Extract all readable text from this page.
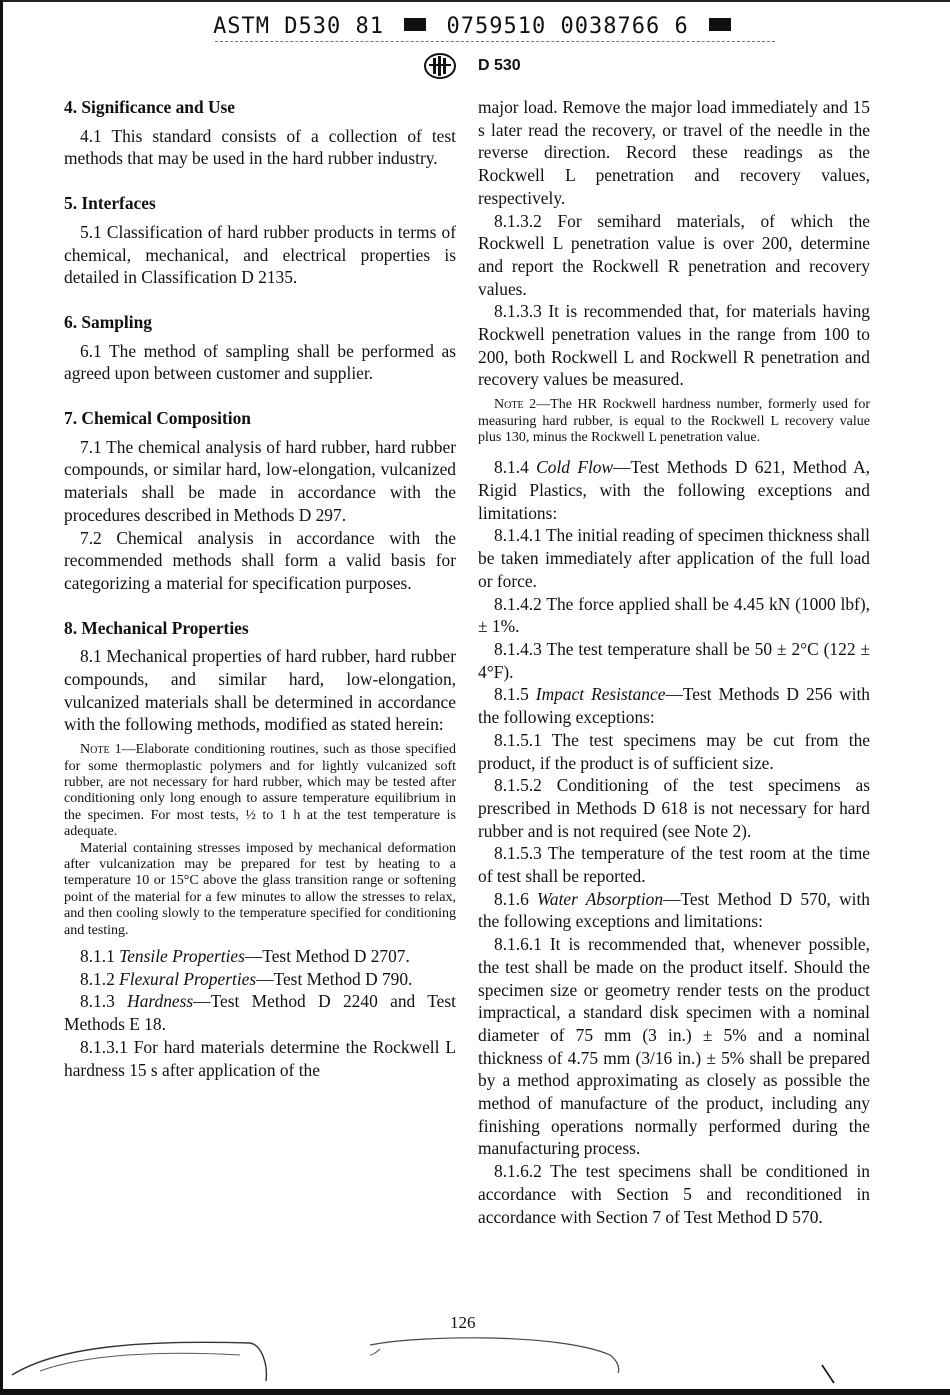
ASTM D530 81	0759510 0038766 6
D 530
4. Significance and Use

4.1 This standard consists of a collection of test methods that may be used in the hard rubber industry.

5. Interfaces

5.1 Classification of hard rubber products in terms of chemical, mechanical, and electrical properties is detailed in Classification D 2135.

6. Sampling

6.1 The method of sampling shall be performed as agreed upon between customer and supplier.

7. Chemical Composition

7.1 The chemical analysis of hard rubber, hard rubber compounds, or similar hard, low-elongation, vulcanized materials shall be made in accordance with the procedures described in Methods D 297.

7.2 Chemical analysis in accordance with the recommended methods shall form a valid basis for categorizing a material for specification purposes.

8. Mechanical Properties

8.1 Mechanical properties of hard rubber, hard rubber compounds, and similar hard, low-elongation, vulcanized materials shall be determined in accordance with the following methods, modified as stated herein:

Note 1—Elaborate conditioning routines, such as those specified for some thermoplastic polymers and for lightly vulcanized soft rubber, are not necessary for hard rubber, which may be tested after conditioning only long enough to assure temperature equilibrium in the specimen. For most tests, ½ to 1 h at the test temperature is adequate.

Material containing stresses imposed by mechanical deformation after vulcanization may be prepared for test by heating to a temperature 10 or 15°C above the glass transition range or softening point of the material for a few minutes to allow the stresses to relax, and then cooling slowly to the temperature specified for conditioning and testing.

8.1.1 Tensile Properties—Test Method D 2707.

8.1.2 Flexural Properties—Test Method D 790.

8.1.3 Hardness—Test Method D 2240 and Test Methods E 18.

8.1.3.1 For hard materials determine the Rockwell L hardness 15 s after application of the

major load. Remove the major load immediately and 15 s later read the recovery, or travel of the needle in the reverse direction. Record these readings as the Rockwell L penetration and recovery values, respectively.

8.1.3.2 For semihard materials, of which the Rockwell L penetration value is over 200, determine and report the Rockwell R penetration and recovery values.

8.1.3.3 It is recommended that, for materials having Rockwell penetration values in the range from 100 to 200, both Rockwell L and Rockwell R penetration and recovery values be measured.

Note 2—The HR Rockwell hardness number, formerly used for measuring hard rubber, is equal to the Rockwell L recovery value plus 130, minus the Rockwell L penetration value.

8.1.4 Cold Flow—Test Methods D 621, Method A, Rigid Plastics, with the following exceptions and limitations:

8.1.4.1 The initial reading of specimen thickness shall be taken immediately after application of the full load or force.

8.1.4.2 The force applied shall be 4.45 kN (1000 lbf), ± 1%.

8.1.4.3 The test temperature shall be 50 ± 2°C (122 ± 4°F).

8.1.5 Impact Resistance—Test Methods D 256 with the following exceptions:

8.1.5.1 The test specimens may be cut from the product, if the product is of sufficient size.

8.1.5.2 Conditioning of the test specimens as prescribed in Methods D 618 is not necessary for hard rubber and is not required (see Note 2).

8.1.5.3 The temperature of the test room at the time of test shall be reported.

8.1.6 Water Absorption—Test Method D 570, with the following exceptions and limitations:

8.1.6.1 It is recommended that, whenever possible, the test shall be made on the product itself. Should the specimen size or geometry render tests on the product impractical, a standard disk specimen with a nominal diameter of 75 mm (3 in.) ± 5% and a nominal thickness of 4.75 mm (3/16 in.) ± 5% shall be prepared by a method approximating as closely as possible the method of manufacture of the product, including any finishing operations normally performed during the manufacturing process.

8.1.6.2 The test specimens shall be conditioned in accordance with Section 5 and reconditioned in accordance with Section 7 of Test Method D 570.

126
